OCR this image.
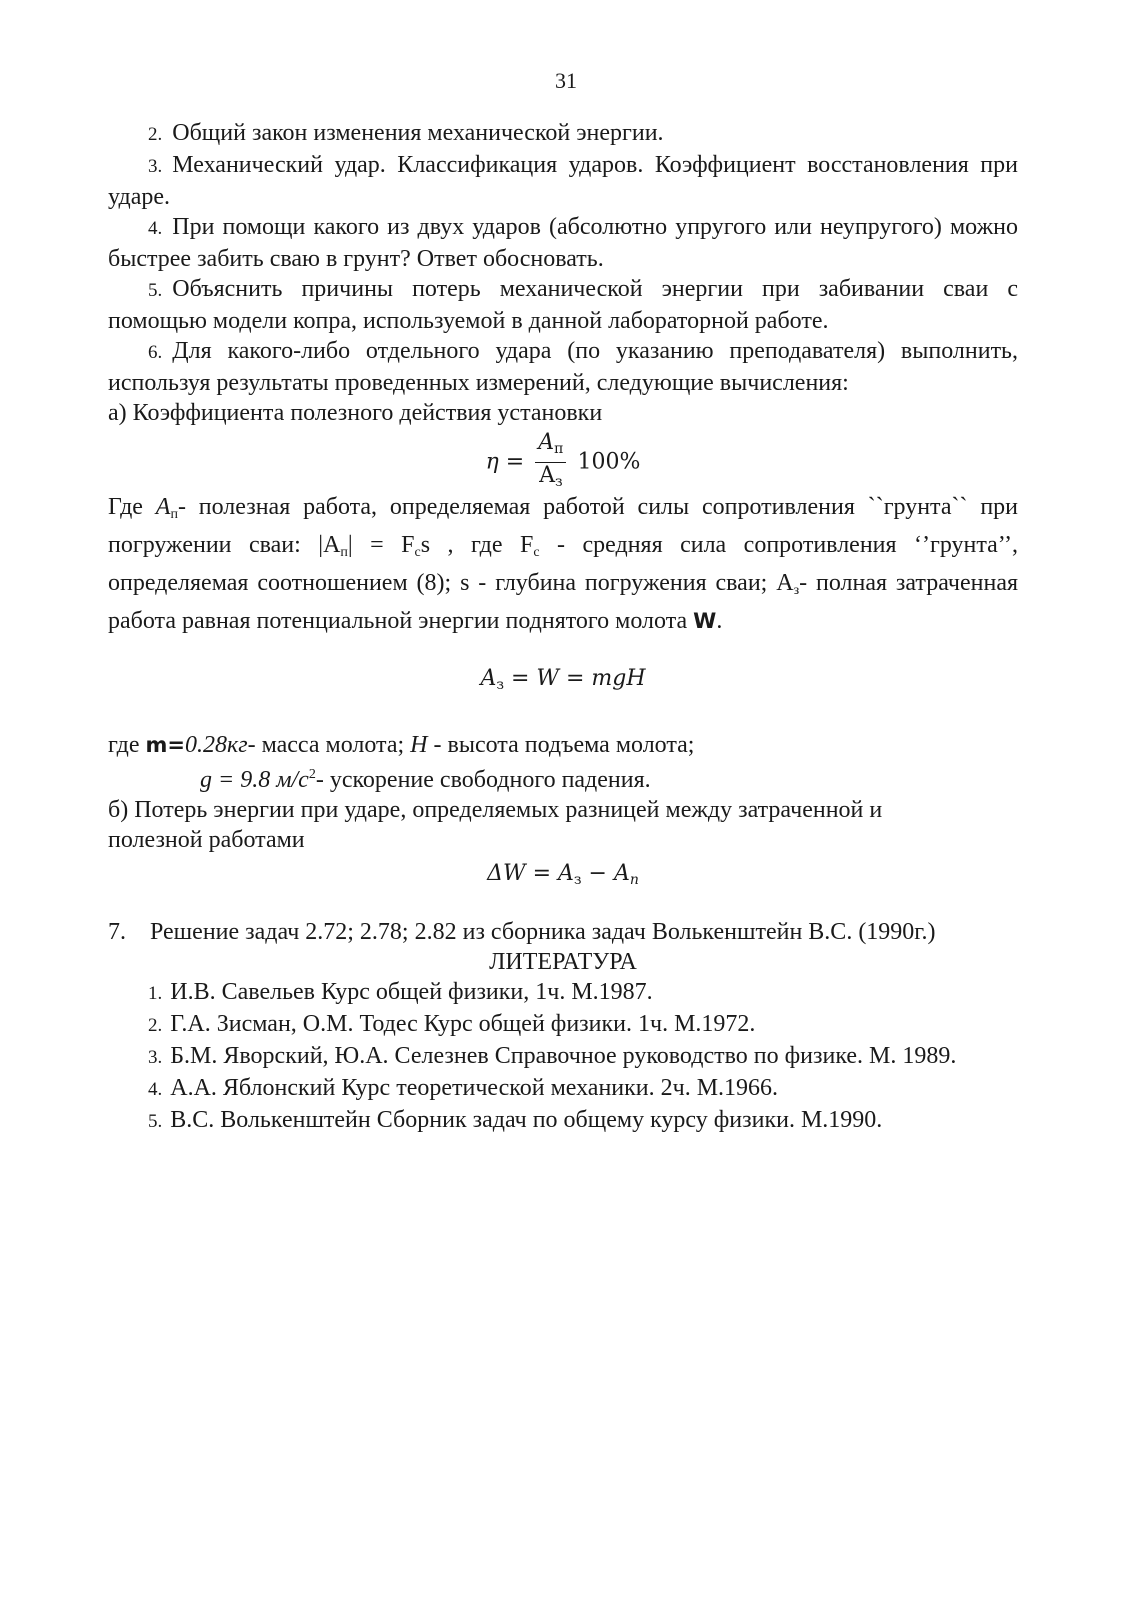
31

2. Общий закон изменения механической энергии.

3. Механический удар. Классификация ударов. Коэффициент восстановления при ударе.

4. При помощи какого из двух ударов (абсолютно упругого или неупругого) можно быстрее забить сваю в грунт? Ответ обосновать.

5. Объяснить причины потерь механической энергии при забивании сваи с помощью модели копра, используемой в данной лабораторной работе.

6. Для какого-либо отдельного удара (по указанию преподавателя) выполнить, используя результаты проведенных измерений, следующие вычисления:

а) Коэффициента полезного действия установки

$\eta = \frac{A_п}{A_з} 100\%$

Где $A_п-$ полезная работа, определяемая работой силы сопротивления ``грунта`` при погружении сваи: $|A_п| = F_сs$ , где $F_с$ - средняя сила сопротивления ‘’грунта’’, определяемая соотношением (8); s - глубина погружения сваи; $A_з-$ полная затраченная работа равная потенциальной энергии поднятого молота W.

$A_з = W$ = mgH

где m=0.28кг- масса молота; H - высота подъема молота;

g = 9.8 $м/с^2-$ ускорение свободного падения.

б) Потерь энергии при ударе, определяемых разницей между затраченной и полезной работами

$\Delta W = A_з - A_n$

7. Решение задач 2.72; 2.78; 2.82 из сборника задач Волькенштейн В.С. (1990г.)

ЛИТЕРАТУРА

1. И.В. Савельев Курс общей физики, 1ч. М.1987.

2. Г.А. Зисман, О.М. Тодес Курс общей физики. 1ч. М.1972.

3. Б.М. Яворский, Ю.А. Селезнев Справочное руководство по физике. М. 1989.

4. А.А. Яблонский Курс теоретической механики. 2ч. М.1966.

5. В.С. Волькенштейн Сборник задач по общему курсу физики. М.1990.
